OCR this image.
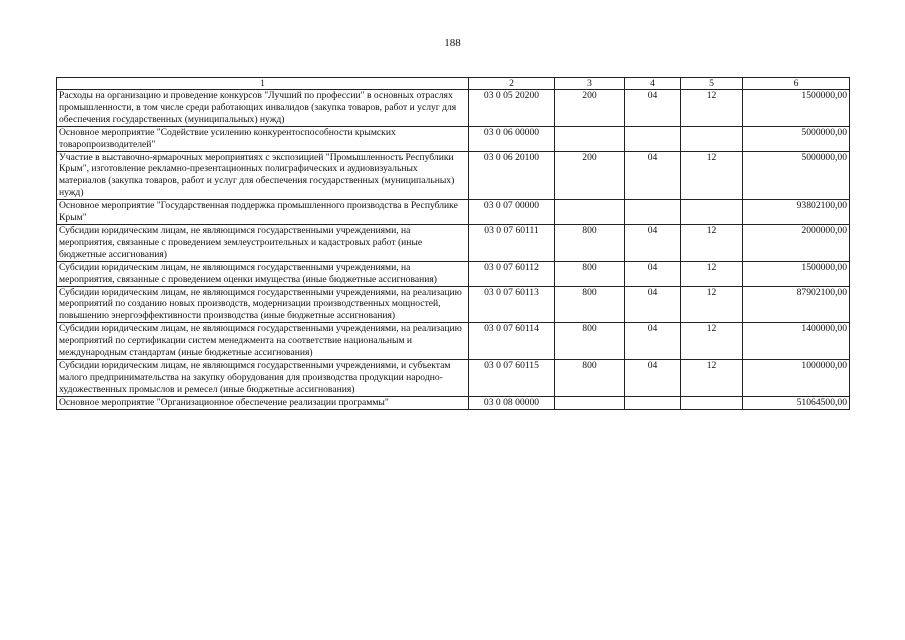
188
1	2	3	4	5	6
Расходы на организацию и проведение конкурсов "Лучший по профессии" в основных отраслях промышленности, в том числе среди работающих инвалидов (закупка товаров, работ и услуг для обеспечения государственных (муниципальных) нужд)	03 0 05 20200	200	04	12	1500000,00
Основное мероприятие "Содействие усилению конкурентоспособности крымских товаропроизводителей"	03 0 06 00000				5000000,00
Участие в выставочно-ярмарочных мероприятиях с экспозицией "Промышленность Республики Крым", изготовление рекламно-презентационных полиграфических и аудиовизуальных материалов (закупка товаров, работ и услуг для обеспечения государственных (муниципальных) нужд)	03 0 06 20100	200	04	12	5000000,00
Основное мероприятие "Государственная поддержка промышленного производства в Республике Крым"	03 0 07 00000				93802100,00
Субсидии юридическим лицам, не являющимся государственными учреждениями, на мероприятия, связанные с проведением землеустроительных и кадастровых работ (иные бюджетные ассигнования)	03 0 07 60111	800	04	12	2000000,00
Субсидии юридическим лицам, не являющимся государственными учреждениями, на мероприятия, связанные с проведением оценки имущества (иные бюджетные ассигнования)	03 0 07 60112	800	04	12	1500000,00
Субсидии юридическим лицам, не являющимся государственными учреждениями, на реализацию мероприятий по созданию новых производств, модернизации производственных мощностей, повышению энергоэффективности производства (иные бюджетные ассигнования)	03 0 07 60113	800	04	12	87902100,00
Субсидии юридическим лицам, не являющимся государственными учреждениями, на реализацию мероприятий по сертификации систем менеджмента на соответствие национальным и международным стандартам (иные бюджетные ассигнования)	03 0 07 60114	800	04	12	1400000,00
Субсидии юридическим лицам, не являющимся государственными учреждениями, и субъектам малого предпринимательства на закупку оборудования для производства продукции народно-художественных промыслов и ремесел (иные бюджетные ассигнования)	03 0 07 60115	800	04	12	1000000,00
Основное мероприятие "Организационное обеспечение реализации программы"	03 0 08 00000				51064500,00
